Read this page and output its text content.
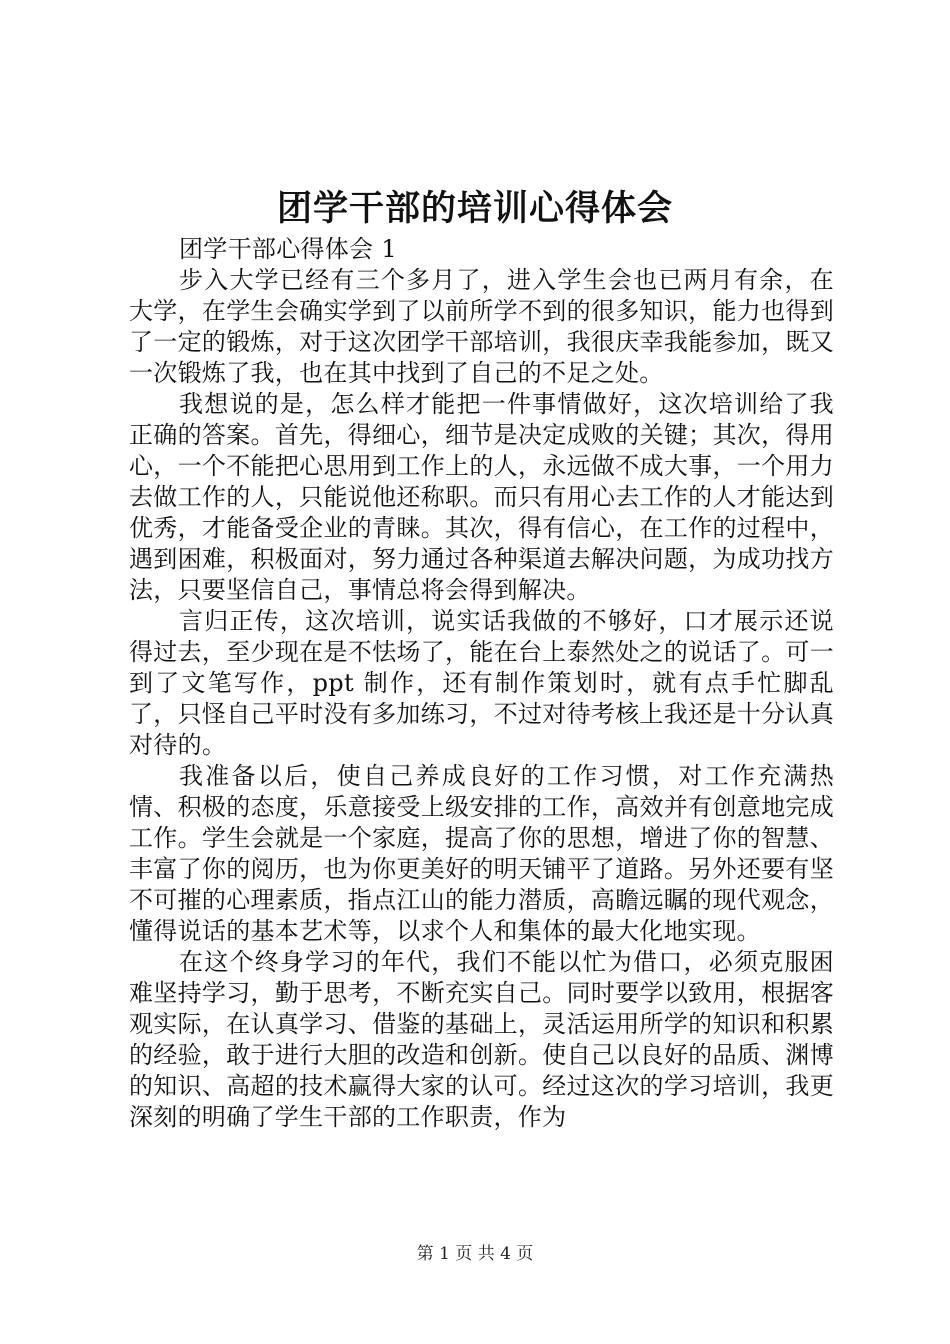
团学干部的培训心得体会

团学干部心得体会 1

步入大学已经有三个多月了，进入学生会也已两月有余，在大学，在学生会确实学到了以前所学不到的很多知识，能力也得到了一定的锻炼，对于这次团学干部培训，我很庆幸我能参加，既又一次锻炼了我，也在其中找到了自己的不足之处。

我想说的是，怎么样才能把一件事情做好，这次培训给了我正确的答案。首先，得细心，细节是决定成败的关键；其次，得用心，一个不能把心思用到工作上的人，永远做不成大事，一个用力去做工作的人，只能说他还称职。而只有用心去工作的人才能达到优秀，才能备受企业的青睐。其次，得有信心，在工作的过程中，遇到困难，积极面对，努力通过各种渠道去解决问题，为成功找方法，只要坚信自己，事情总将会得到解决。

言归正传，这次培训，说实话我做的不够好，口才展示还说得过去，至少现在是不怯场了，能在台上泰然处之的说话了。可一到了文笔写作，ppt 制作，还有制作策划时，就有点手忙脚乱了，只怪自己平时没有多加练习，不过对待考核上我还是十分认真对待的。

我准备以后，使自己养成良好的工作习惯，对工作充满热情、积极的态度，乐意接受上级安排的工作，高效并有创意地完成工作。学生会就是一个家庭，提高了你的思想，增进了你的智慧、丰富了你的阅历，也为你更美好的明天铺平了道路。另外还要有坚不可摧的心理素质，指点江山的能力潜质，高瞻远瞩的现代观念，懂得说话的基本艺术等，以求个人和集体的最大化地实现。

在这个终身学习的年代，我们不能以忙为借口，必须克服困难坚持学习，勤于思考，不断充实自己。同时要学以致用，根据客观实际，在认真学习、借鉴的基础上，灵活运用所学的知识和积累的经验，敢于进行大胆的改造和创新。使自己以良好的品质、渊博的知识、高超的技术赢得大家的认可。经过这次的学习培训，我更深刻的明确了学生干部的工作职责，作为

第 1 页 共 4 页
